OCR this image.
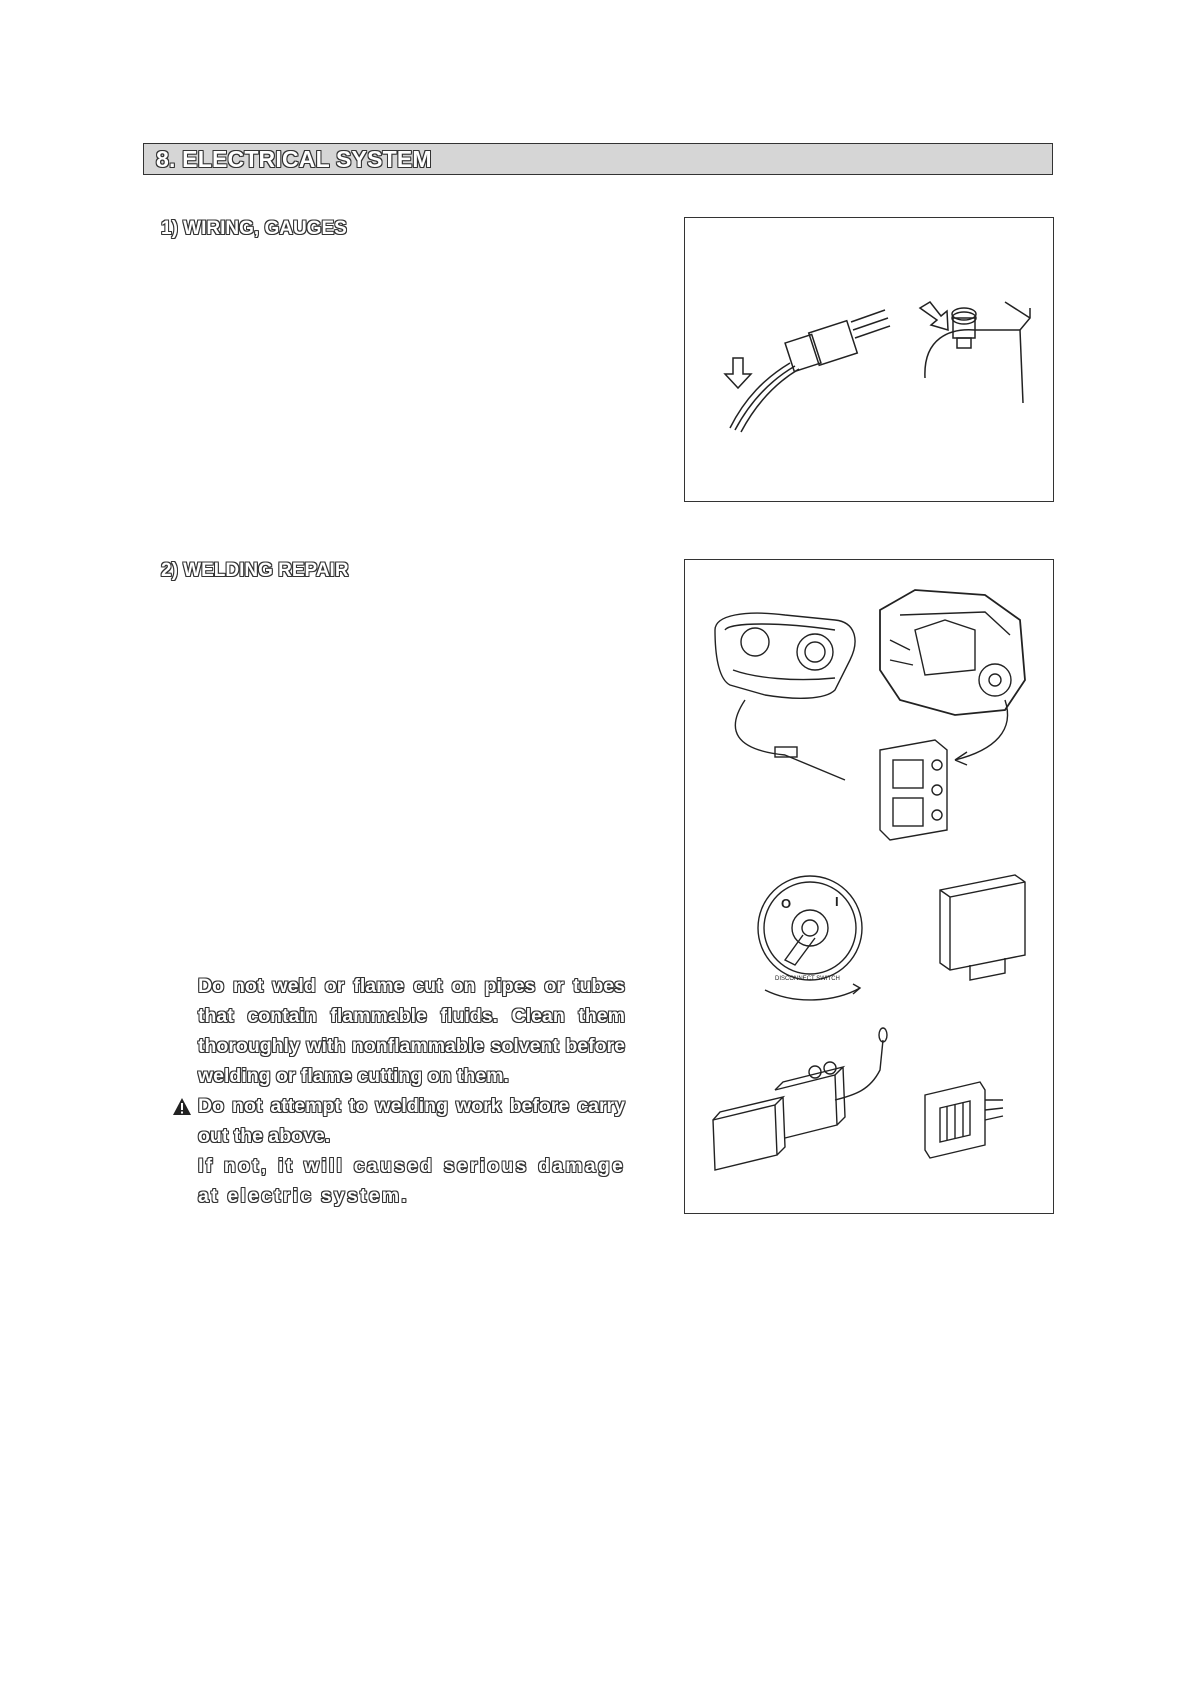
8. ELECTRICAL SYSTEM
1) WIRING, GAUGES
2) WELDING REPAIR
O	I
DISCONNECT SWITCH
Do not weld or flame cut on pipes or tubes that contain flammable fluids. Clean them thoroughly with nonflammable solvent before welding or flame cutting on them.
Do not attempt to welding work before carry out the above.
If not, it will caused serious damage at electric system.
